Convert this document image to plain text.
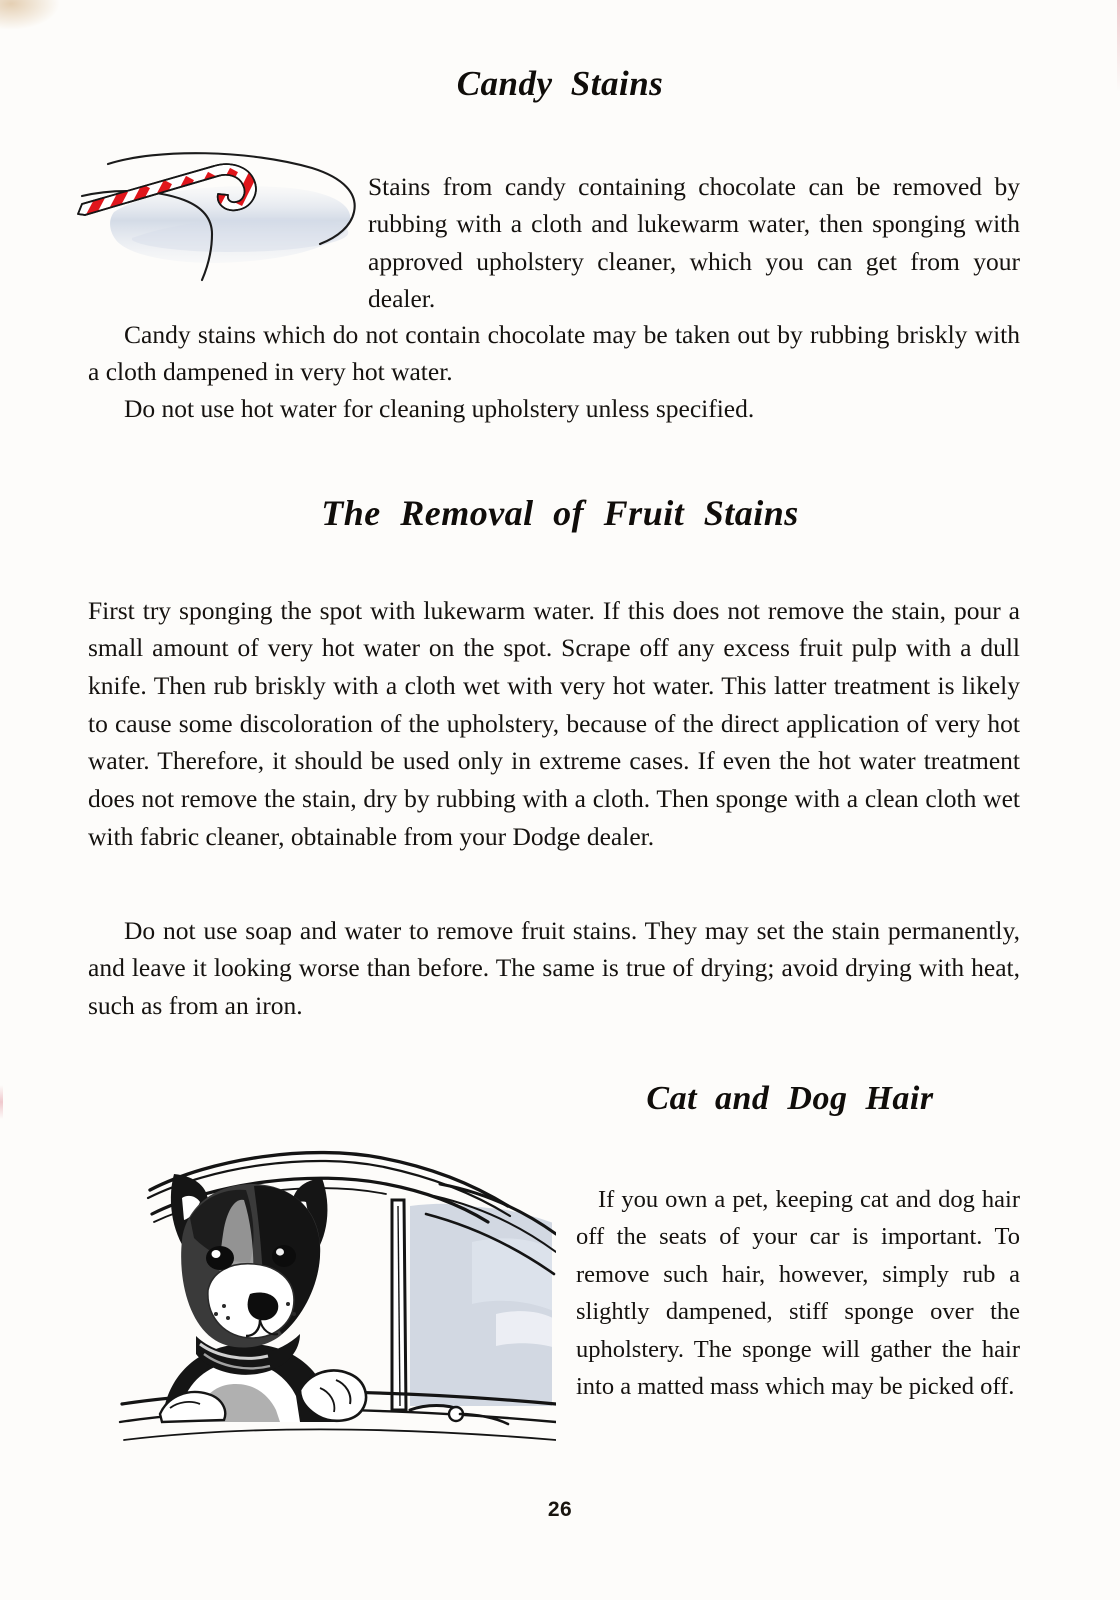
Candy Stains

Stains from candy containing chocolate can be removed by rubbing with a cloth and lukewarm water, then sponging with approved upholstery cleaner, which you can get from your dealer.

Candy stains which do not contain chocolate may be taken out by rubbing briskly with a cloth dampened in very hot water.

Do not use hot water for cleaning upholstery unless specified.

The Removal of Fruit Stains

First try sponging the spot with lukewarm water. If this does not remove the stain, pour a small amount of very hot water on the spot. Scrape off any excess fruit pulp with a dull knife. Then rub briskly with a cloth wet with very hot water. This latter treatment is likely to cause some discoloration of the upholstery, because of the direct application of very hot water. Therefore, it should be used only in extreme cases. If even the hot water treatment does not remove the stain, dry by rubbing with a cloth. Then sponge with a clean cloth wet with fabric cleaner, obtainable from your Dodge dealer.

Do not use soap and water to remove fruit stains. They may set the stain permanently, and leave it looking worse than before. The same is true of drying; avoid drying with heat, such as from an iron.

Cat and Dog Hair

If you own a pet, keeping cat and dog hair off the seats of your car is important. To remove such hair, however, simply rub a slightly dampened, stiff sponge over the upholstery. The sponge will gather the hair into a matted mass which may be picked off.

26
